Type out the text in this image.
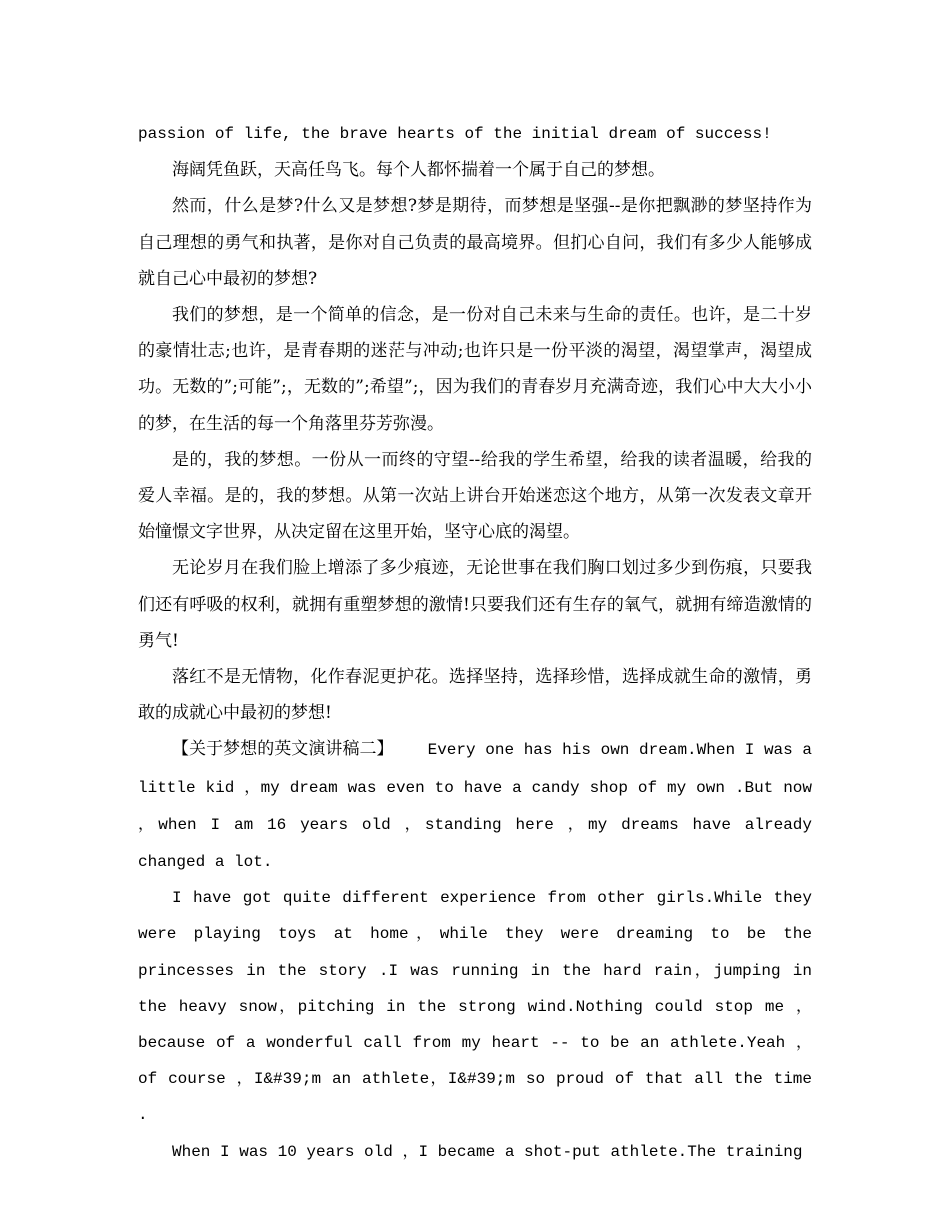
passion of life, the brave hearts of the initial dream of success!

海阔凭鱼跃，天高任鸟飞。每个人都怀揣着一个属于自己的梦想。

然而，什么是梦?什么又是梦想?梦是期待，而梦想是坚强--是你把飘渺的梦坚持作为自己理想的勇气和执著，是你对自己负责的最高境界。但扪心自问，我们有多少人能够成就自己心中最初的梦想?

我们的梦想，是一个简单的信念，是一份对自己未来与生命的责任。也许，是二十岁的豪情壮志;也许，是青春期的迷茫与冲动;也许只是一份平淡的渴望，渴望掌声，渴望成功。无数的”;可能”;，无数的”;希望”;，因为我们的青春岁月充满奇迹，我们心中大大小小的梦，在生活的每一个角落里芬芳弥漫。

是的，我的梦想。一份从一而终的守望--给我的学生希望，给我的读者温暖，给我的爱人幸福。是的，我的梦想。从第一次站上讲台开始迷恋这个地方，从第一次发表文章开始憧憬文字世界，从决定留在这里开始，坚守心底的渴望。

无论岁月在我们脸上增添了多少痕迹，无论世事在我们胸口划过多少到伤痕，只要我们还有呼吸的权利，就拥有重塑梦想的激情!只要我们还有生存的氧气，就拥有缔造激情的勇气!

落红不是无情物，化作春泥更护花。选择坚持，选择珍惜，选择成就生命的激情，勇敢的成就心中最初的梦想!

【关于梦想的英文演讲稿二】 Every one has his own dream.When I was a little kid ，my dream was even to have a candy shop of my own .But now ，when I am 16 years old ，standing here ，my dreams have already changed a lot.

I have got quite different experience from other girls.While they were playing toys at home，while they were dreaming to be the princesses in the story .I was running in the hard rain，jumping in the heavy snow，pitching in the strong wind.Nothing could stop me ，because of a wonderful call from my heart -- to be an athlete.Yeah ，of course ，I&#39;m an athlete，I&#39;m so proud of that all the time .

When I was 10 years old ，I became a shot-put athlete.The training
